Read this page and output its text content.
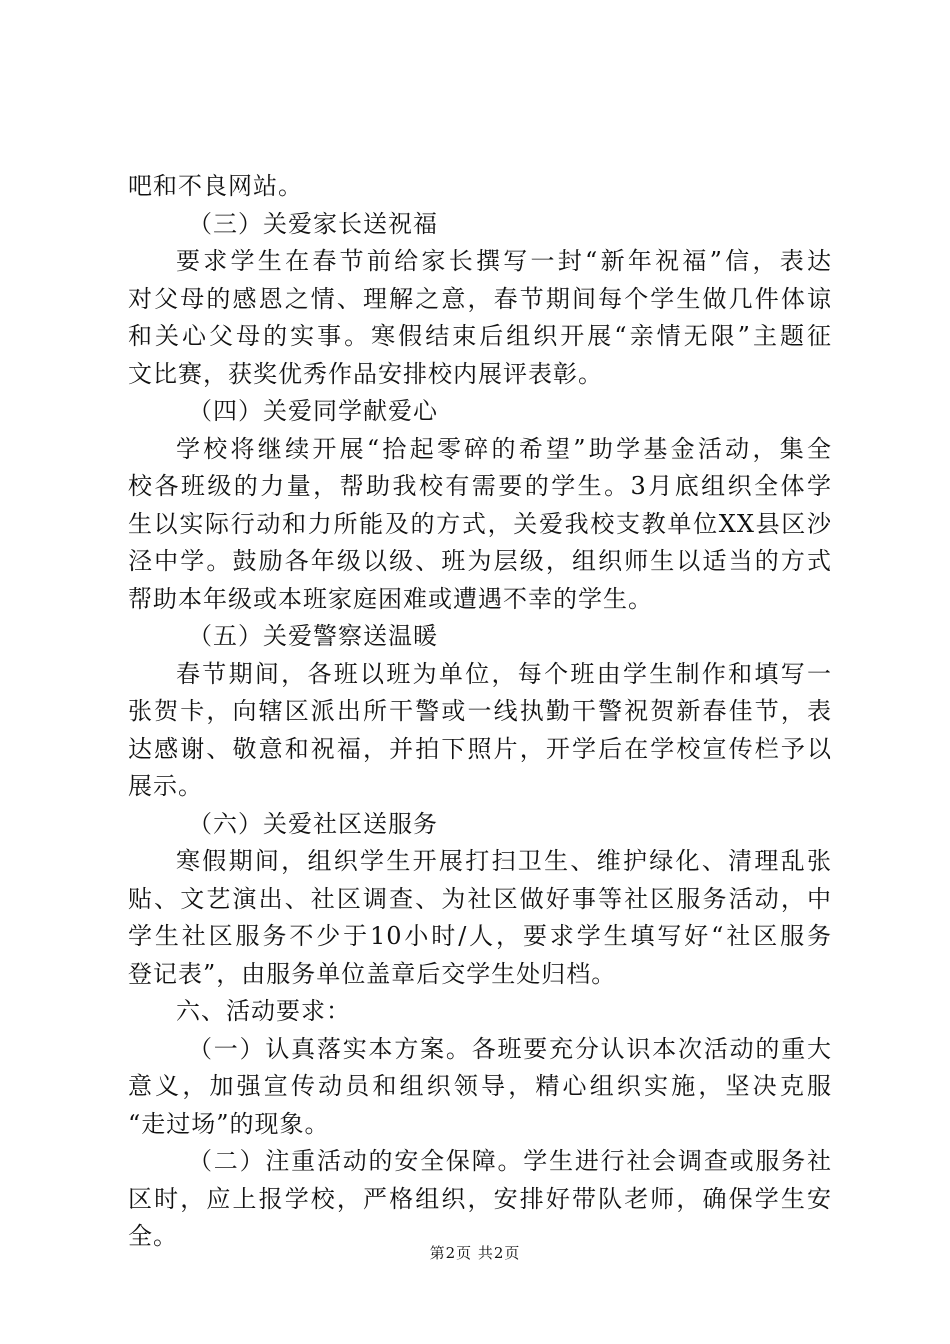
吧和不良网站。
（三）关爱家长送祝福
要求学生在春节前给家长撰写一封“新年祝福”信，表达
对父母的感恩之情、理解之意，春节期间每个学生做几件体谅
和关心父母的实事。寒假结束后组织开展“亲情无限”主题征
文比赛，获奖优秀作品安排校内展评表彰。
（四）关爱同学献爱心
学校将继续开展“拾起零碎的希望”助学基金活动，集全
校各班级的力量，帮助我校有需要的学生。3月底组织全体学
生以实际行动和力所能及的方式，关爱我校支教单位XX县区沙
泾中学。鼓励各年级以级、班为层级，组织师生以适当的方式
帮助本年级或本班家庭困难或遭遇不幸的学生。
（五）关爱警察送温暖
春节期间，各班以班为单位，每个班由学生制作和填写一
张贺卡，向辖区派出所干警或一线执勤干警祝贺新春佳节，表
达感谢、敬意和祝福，并拍下照片，开学后在学校宣传栏予以
展示。
（六）关爱社区送服务
寒假期间，组织学生开展打扫卫生、维护绿化、清理乱张
贴、文艺演出、社区调查、为社区做好事等社区服务活动，中
学生社区服务不少于10小时/人，要求学生填写好“社区服务
登记表”，由服务单位盖章后交学生处归档。
六、活动要求：
（一）认真落实本方案。各班要充分认识本次活动的重大
意义，加强宣传动员和组织领导，精心组织实施，坚决克服
“走过场”的现象。
（二）注重活动的安全保障。学生进行社会调查或服务社
区时，应上报学校，严格组织，安排好带队老师，确保学生安
全。
第2页 共2页
